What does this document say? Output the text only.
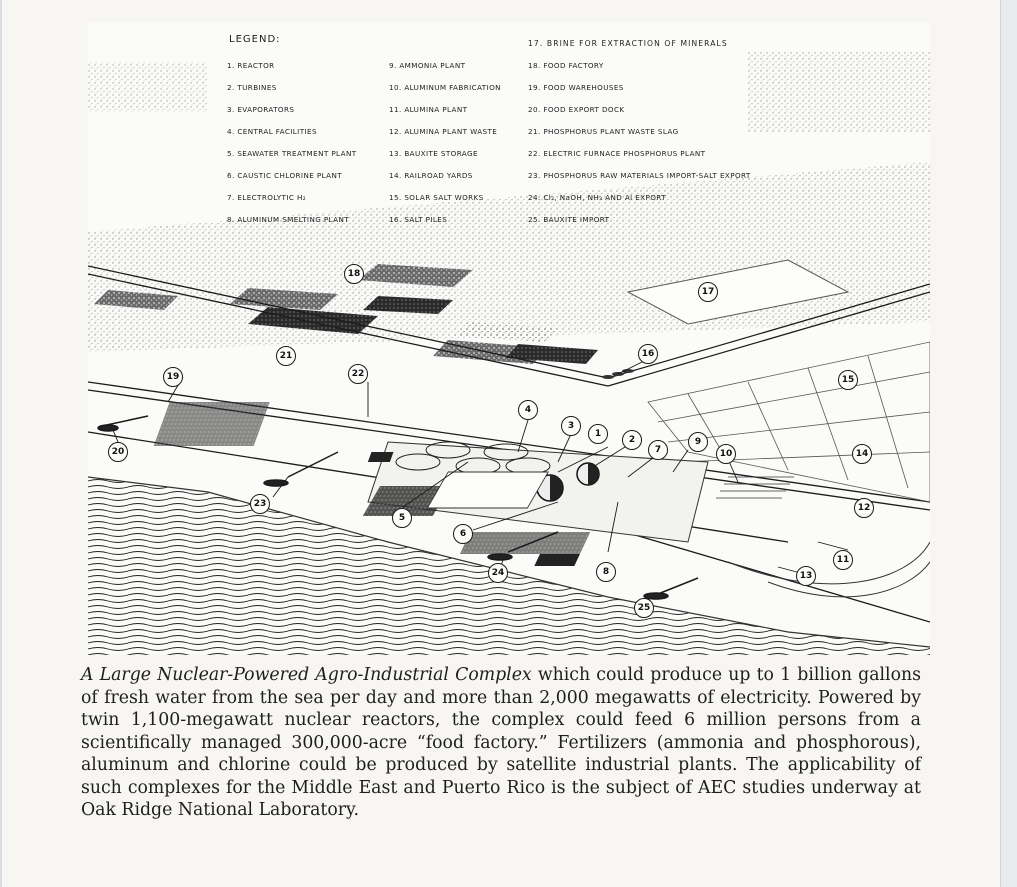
LEGEND:	17. BRINE FOR EXTRACTION OF MINERALS
1. REACTOR
2. TURBINES
3. EVAPORATORS
4. CENTRAL FACILITIES
5. SEAWATER TREATMENT PLANT
6. CAUSTIC CHLORINE PLANT
7. ELECTROLYTIC H₂
8. ALUMINUM SMELTING PLANT
9. AMMONIA PLANT
10. ALUMINUM FABRICATION
11. ALUMINA PLANT
12. ALUMINA PLANT WASTE
13. BAUXITE STORAGE
14. RAILROAD YARDS
15. SOLAR SALT WORKS
16. SALT PILES
18. FOOD FACTORY
19. FOOD WAREHOUSES
20. FOOD EXPORT DOCK
21. PHOSPHORUS PLANT WASTE SLAG
22. ELECTRIC FURNACE PHOSPHORUS PLANT
23. PHOSPHORUS RAW MATERIALS IMPORT-SALT EXPORT
24. Cl₂, NaOH, NH₃ AND Al EXPORT
25. BAUXITE IMPORT
1
2
3
4
5
6
7
8
9
10
11
12
13
14
15
16
17
18
19
20
21
22
23
24
25
A Large Nuclear-Powered Agro-Industrial Complex which could produce up to 1 billion gallons of fresh water from the sea per day and more than 2,000 megawatts of electricity. Powered by twin 1,100-megawatt nuclear reactors, the complex could feed 6 million persons from a scientifically managed 300,000-acre “food factory.” Fertilizers (ammonia and phosphorous), aluminum and chlorine could be produced by satellite industrial plants. The applicability of such complexes for the Middle East and Puerto Rico is the subject of AEC studies underway at Oak Ridge National Laboratory.
